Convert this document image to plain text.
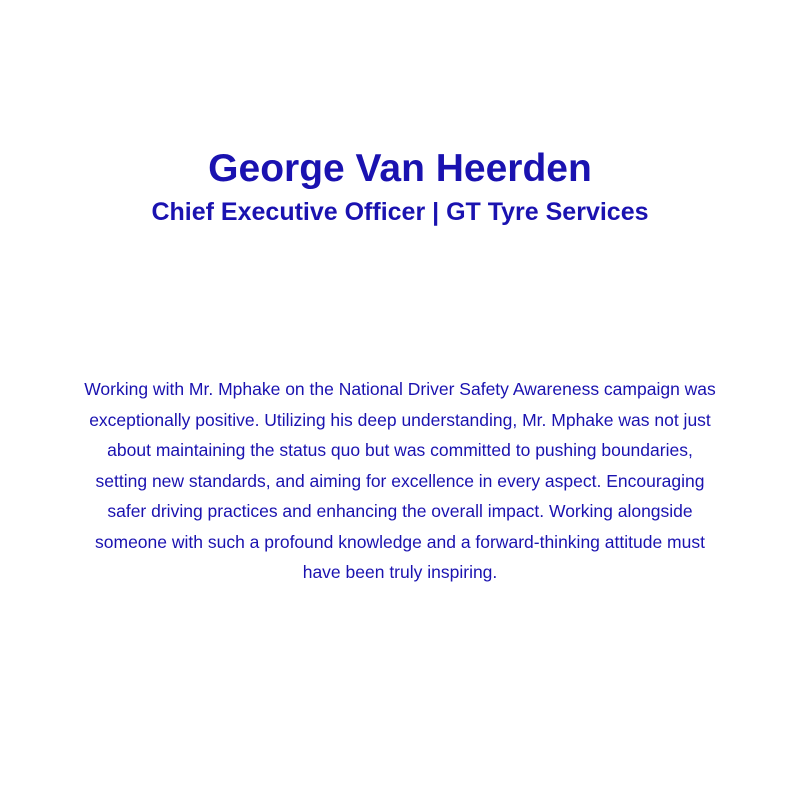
George Van Heerden
Chief Executive Officer | GT Tyre Services

Working with Mr. Mphake on the National Driver Safety Awareness campaign was exceptionally positive. Utilizing his deep understanding, Mr. Mphake was not just about maintaining the status quo but was committed to pushing boundaries, setting new standards, and aiming for excellence in every aspect. Encouraging safer driving practices and enhancing the overall impact. Working alongside someone with such a profound knowledge and a forward-thinking attitude must have been truly inspiring.
